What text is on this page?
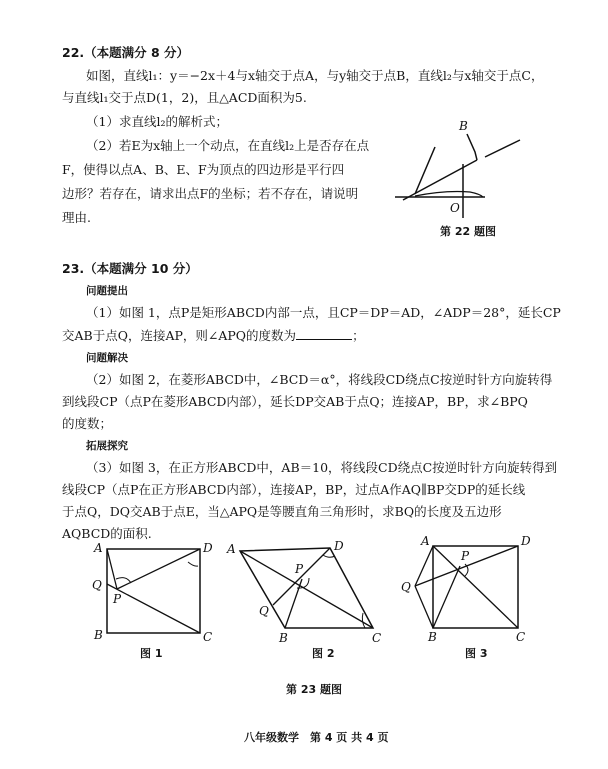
22.（本题满分 8 分）
如图，直线l₁：y＝−2x＋4与x轴交于点A，与y轴交于点B，直线l₂与x轴交于点C，
与直线l₁交于点D(1，2)，且△ACD面积为5.
（1）求直线l₂的解析式；
（2）若E为x轴上一个动点，在直线l₂上是否存在点
F，使得以点A、B、E、F为顶点的四边形是平行四
边形？若存在，请求出点F的坐标；若不存在，请说明
理由.
B
O
第 22 题图
23.（本题满分 10 分）
问题提出
（1）如图 1，点P是矩形ABCD内部一点，且CP＝DP＝AD，∠ADP＝28°，延长CP
交AB于点Q，连接AP，则∠APQ的度数为	；
问题解决
（2）如图 2，在菱形ABCD中，∠BCD＝α°，将线段CD绕点C按逆时针方向旋转得
到线段CP（点P在菱形ABCD内部），延长DP交AB于点Q；连接AP，BP，求∠BPQ
的度数；
拓展探究
（3）如图 3，在正方形ABCD中，AB＝10，将线段CD绕点C按逆时针方向旋转得到
线段CP（点P在正方形ABCD内部），连接AP，BP，过点A作AQ∥BP交DP的延长线
于点Q，DQ交AB于点E，当△APQ是等腰直角三角形时，求BQ的长度及五边形
AQBCD的面积.
A	D
Q
P
B	C
图 1
A	D
P
Q
B	C
图 2
A	D
P
Q
B	C
图 3
第 23 题图
八年级数学　第 4 页 共 4 页
